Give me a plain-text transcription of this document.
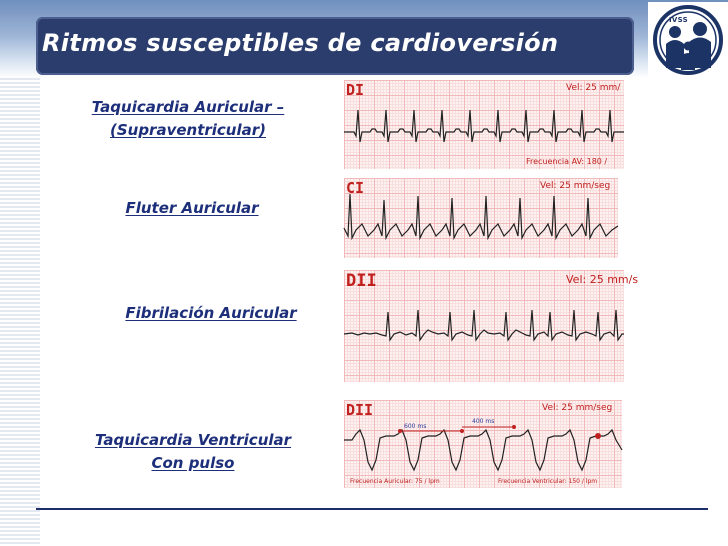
Ritmos susceptibles de cardioversión
IVSS
Taquicardia Auricular –
(Supraventricular)
Fluter Auricular
Fibrilación Auricular
Taquicardia Ventricular
Con pulso
DI	Vel: 25 mm/
Frecuencia AV: 180 /
CI	Vel: 25 mm/seg
DII	Vel: 25 mm/s
DII	Vel: 25 mm/seg
600 ms
400 ms
Frecuencia Auricular: 75 / lpm	Frecuencia Ventricular: 150 / lpm
